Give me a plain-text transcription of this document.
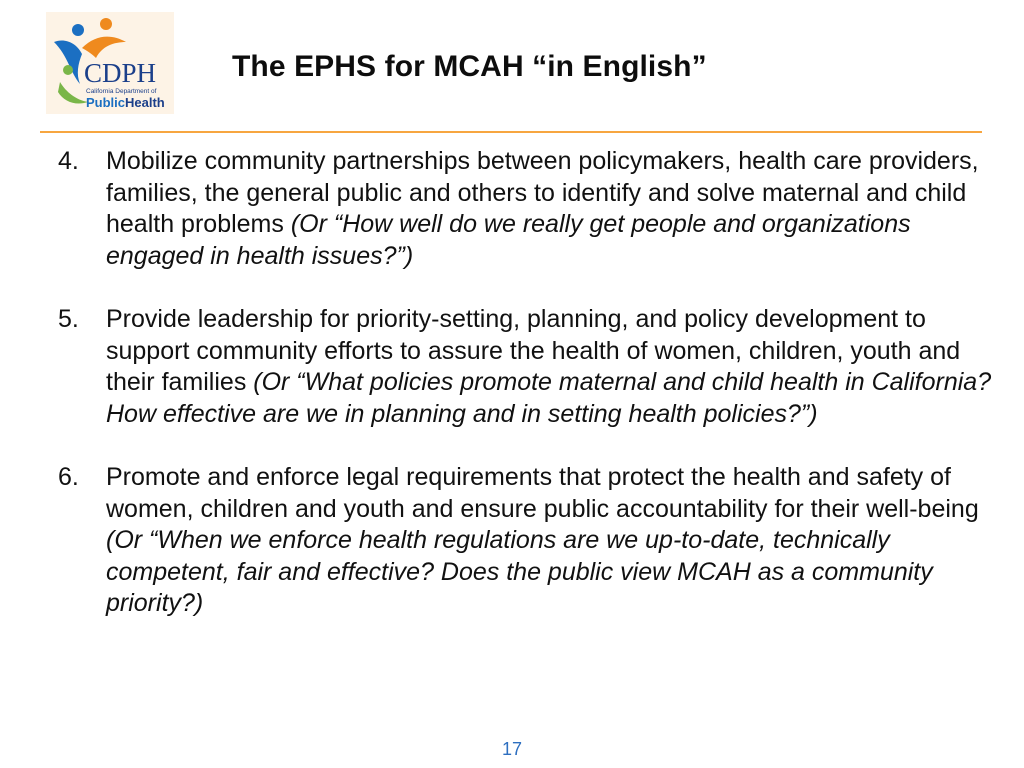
CDPH
California Department of
PublicHealth
The EPHS for MCAH “in English”
4. Mobilize community partnerships between policymakers, health care providers, families, the general public and others to identify and solve maternal and child health problems (Or “How well do we really get people and organizations engaged in health issues?”)
5. Provide leadership for priority-setting, planning, and policy development to support community efforts to assure the health of women, children, youth and their families (Or “What policies promote maternal and child health in California? How effective are we in planning and in setting health policies?”)
6. Promote and enforce legal requirements that protect the health and safety of women, children and youth and ensure public accountability for their well-being (Or “When we enforce health regulations are we up-to-date, technically competent, fair and effective? Does the public view MCAH as a community priority?)
17
